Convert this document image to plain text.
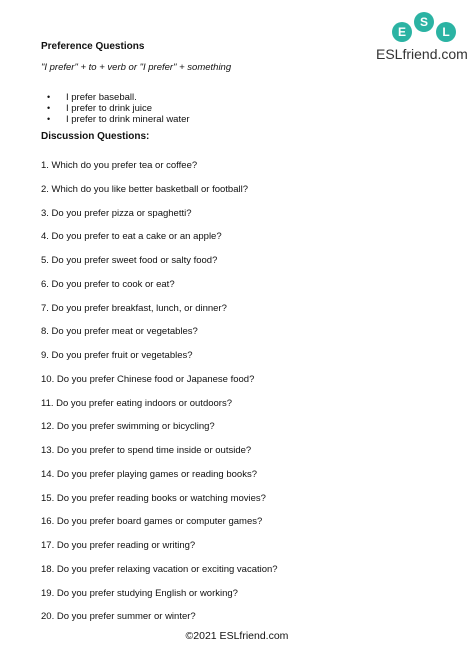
E
S
L
ESLfriend.com
Preference Questions
"I prefer" + to + verb or "I prefer" + something
• I prefer baseball.
• I prefer to drink juice
• I prefer to drink mineral water
Discussion Questions:
1. Which do you prefer tea or coffee?
2. Which do you like better basketball or football?
3. Do you prefer pizza or spaghetti?
4. Do you prefer to eat a cake or an apple?
5. Do you prefer sweet food or salty food?
6. Do you prefer to cook or eat?
7. Do you prefer breakfast, lunch, or dinner?
8. Do you prefer meat or vegetables?
9. Do you prefer fruit or vegetables?
10. Do you prefer Chinese food or Japanese food?
11. Do you prefer eating indoors or outdoors?
12. Do you prefer swimming or bicycling?
13. Do you prefer to spend time inside or outside?
14. Do you prefer playing games or reading books?
15. Do you prefer reading books or watching movies?
16. Do you prefer board games or computer games?
17. Do you prefer reading or writing?
18. Do you prefer relaxing vacation or exciting vacation?
19. Do you prefer studying English or working?
20. Do you prefer summer or winter?
©2021 ESLfriend.com
